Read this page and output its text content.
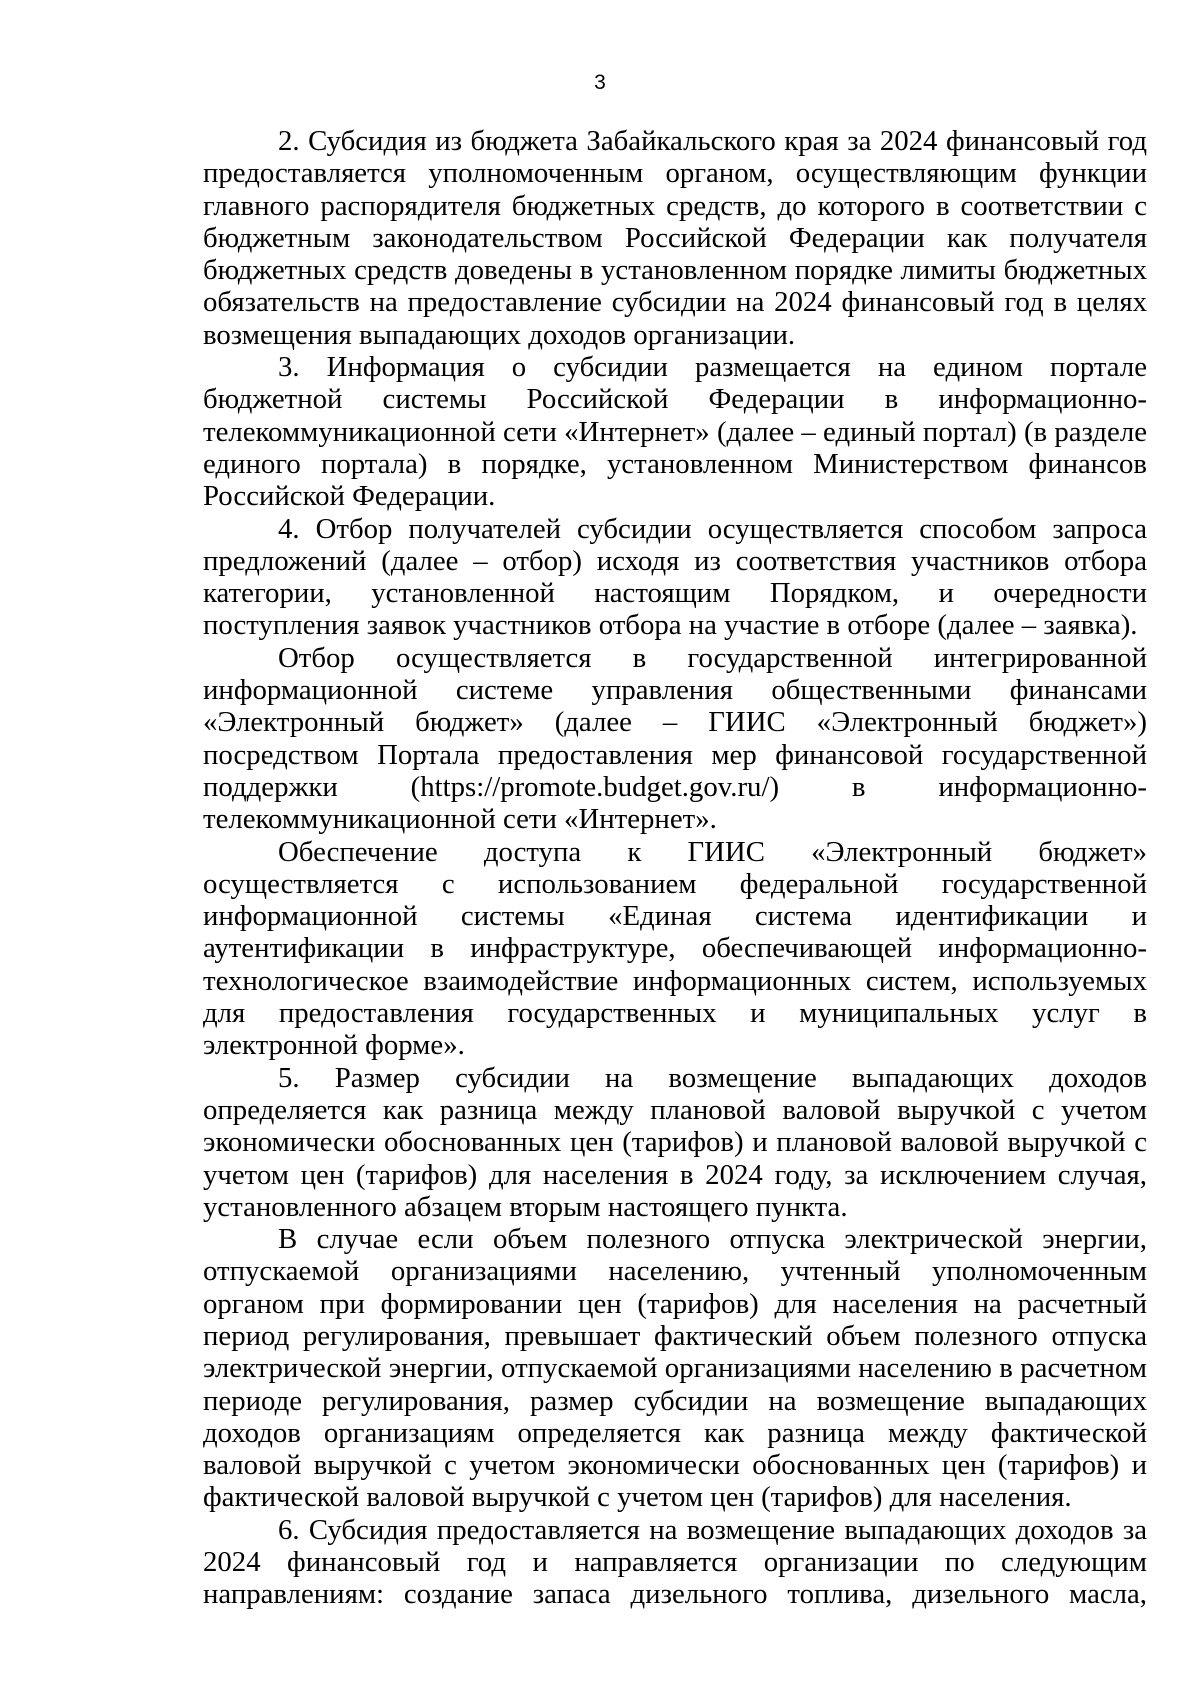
3

2. Субсидия из бюджета Забайкальского края за 2024 финансовый год предоставляется уполномоченным органом, осуществляющим функции главного распорядителя бюджетных средств, до которого в соответствии с бюджетным законодательством Российской Федерации как получателя бюджетных средств доведены в установленном порядке лимиты бюджетных обязательств на предоставление субсидии на 2024 финансовый год в целях возмещения выпадающих доходов организации.

3. Информация о субсидии размещается на едином портале бюджетной системы Российской Федерации в информационно-телекоммуникационной сети «Интернет» (далее – единый портал) (в разделе единого портала) в порядке, установленном Министерством финансов Российской Федерации.

4. Отбор получателей субсидии осуществляется способом запроса предложений (далее – отбор) исходя из соответствия участников отбора категории, установленной настоящим Порядком, и очередности поступления заявок участников отбора на участие в отборе (далее – заявка).

Отбор осуществляется в государственной интегрированной информационной системе управления общественными финансами «Электронный бюджет» (далее – ГИИС «Электронный бюджет») посредством Портала предоставления мер финансовой государственной поддержки (https://promote.budget.gov.ru/) в информационно-телекоммуникационной сети «Интернет».

Обеспечение доступа к ГИИС «Электронный бюджет» осуществляется с использованием федеральной государственной информационной системы «Единая система идентификации и аутентификации в инфраструктуре, обеспечивающей информационно-технологическое взаимодействие информационных систем, используемых для предоставления государственных и муниципальных услуг в электронной форме».

5. Размер субсидии на возмещение выпадающих доходов определяется как разница между плановой валовой выручкой с учетом экономически обоснованных цен (тарифов) и плановой валовой выручкой с учетом цен (тарифов) для населения в 2024 году, за исключением случая, установленного абзацем вторым настоящего пункта.

В случае если объем полезного отпуска электрической энергии, отпускаемой организациями населению, учтенный уполномоченным органом при формировании цен (тарифов) для населения на расчетный период регулирования, превышает фактический объем полезного отпуска электрической энергии, отпускаемой организациями населению в расчетном периоде регулирования, размер субсидии на возмещение выпадающих доходов организациям определяется как разница между фактической валовой выручкой с учетом экономически обоснованных цен (тарифов) и фактической валовой выручкой с учетом цен (тарифов) для населения.

6. Субсидия предоставляется на возмещение выпадающих доходов за 2024 финансовый год и направляется организации по следующим направлениям: создание запаса дизельного топлива, дизельного масла,
